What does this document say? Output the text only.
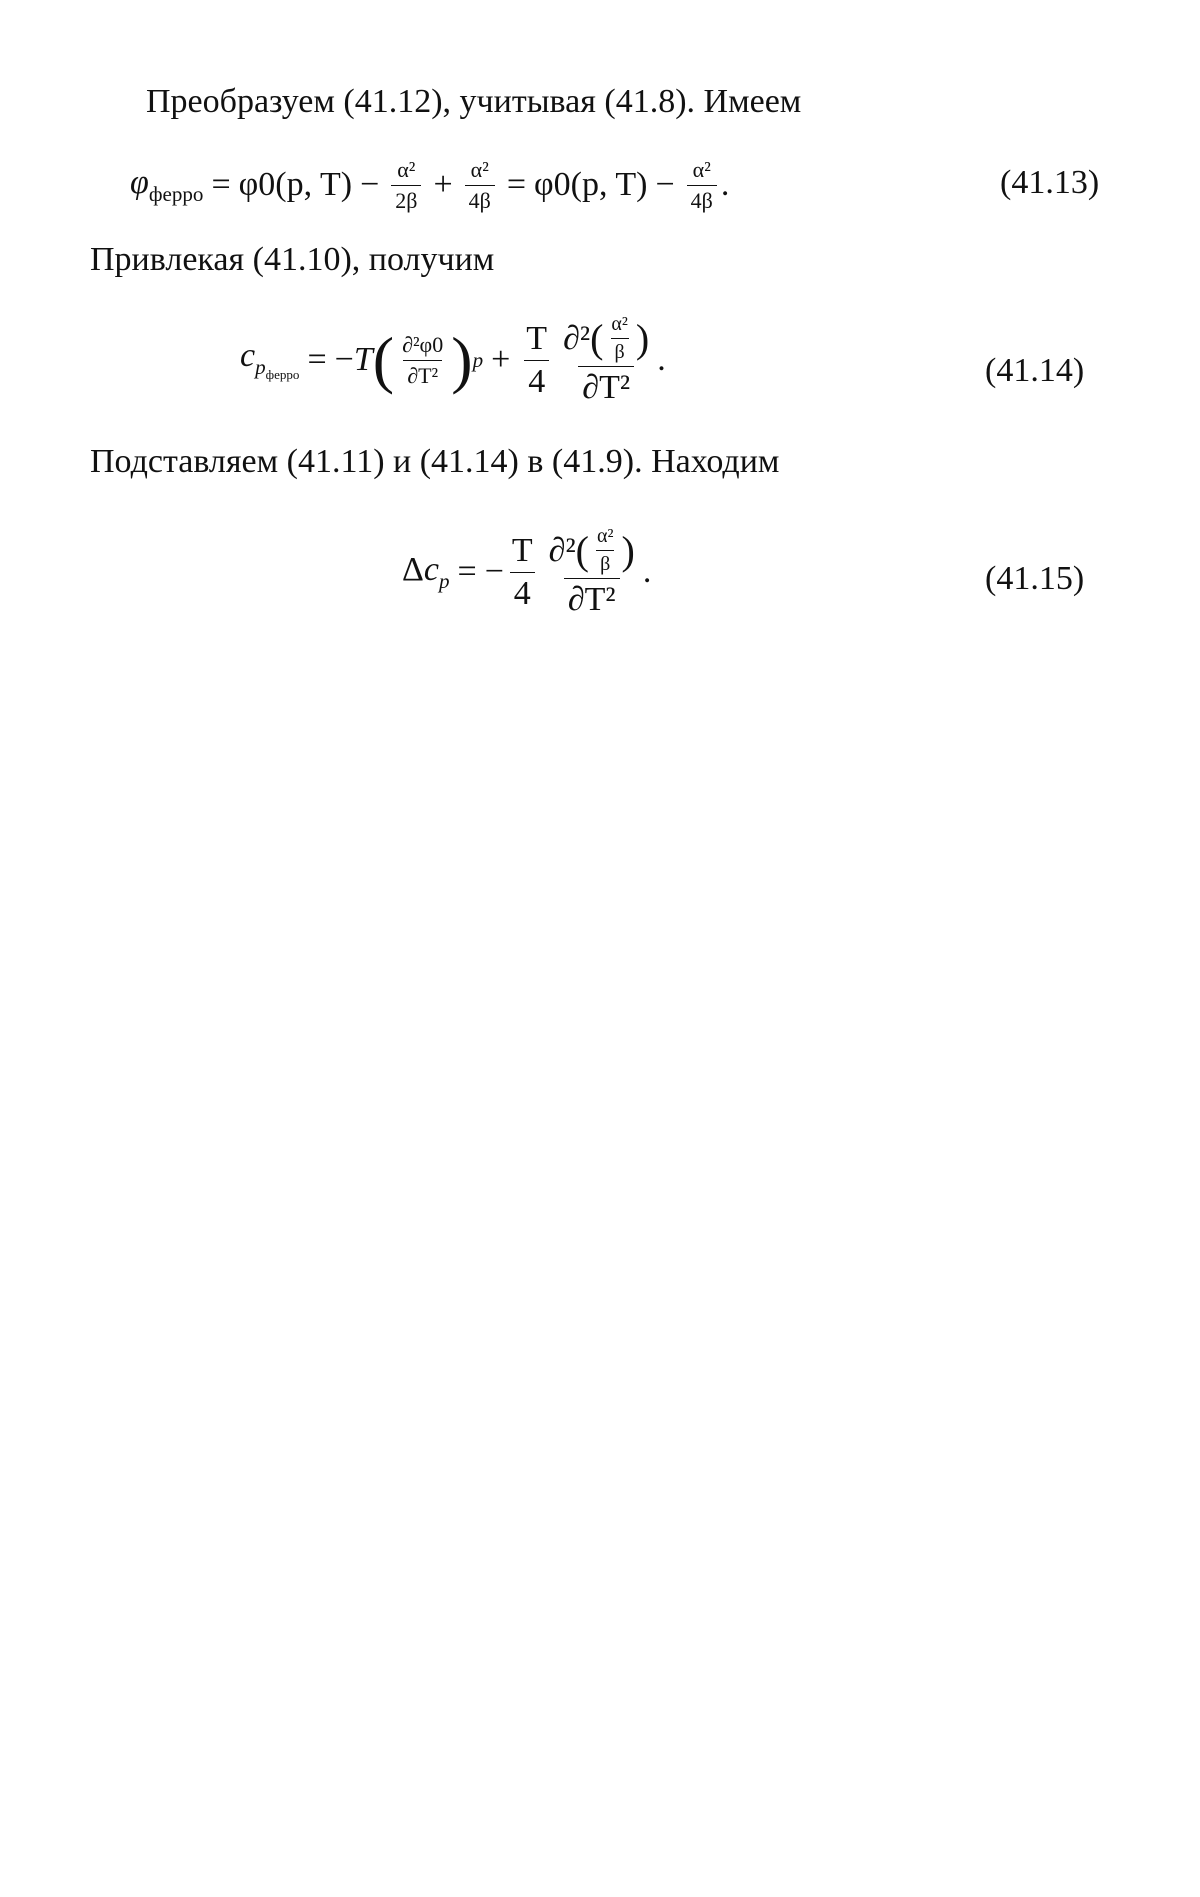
Преобразуем (41.12), учитывая (41.8). Имеем
$\varphi_{ферро} = \varphi 0(p$, $T) - \frac{\text{α²}}{2\beta} + \frac{\text{α²}}{4\beta} = \varphi 0(p$, $T) - \frac{\text{α²}}{4\beta}$ .	(41.13)
Привлекая (41.10), получим
$c_{p_{ферро}} = -T$ ( $\frac{\text{∂²φ0}}{\text{∂T²}}$ ) $p + \frac{T}{4} \frac{\partial^2 ( \frac{\text{α²}}{\beta} )}{\text{∂T²}}$ .	(41.14)
Подставляем (41.11) и (41.14) в (41.9). Находим
$\Delta c_p$ = − $\frac{T}{4} \frac{\partial^2 ( \frac{\text{α²}}{\beta} )}{\text{∂T²}}$ .	(41.15)
